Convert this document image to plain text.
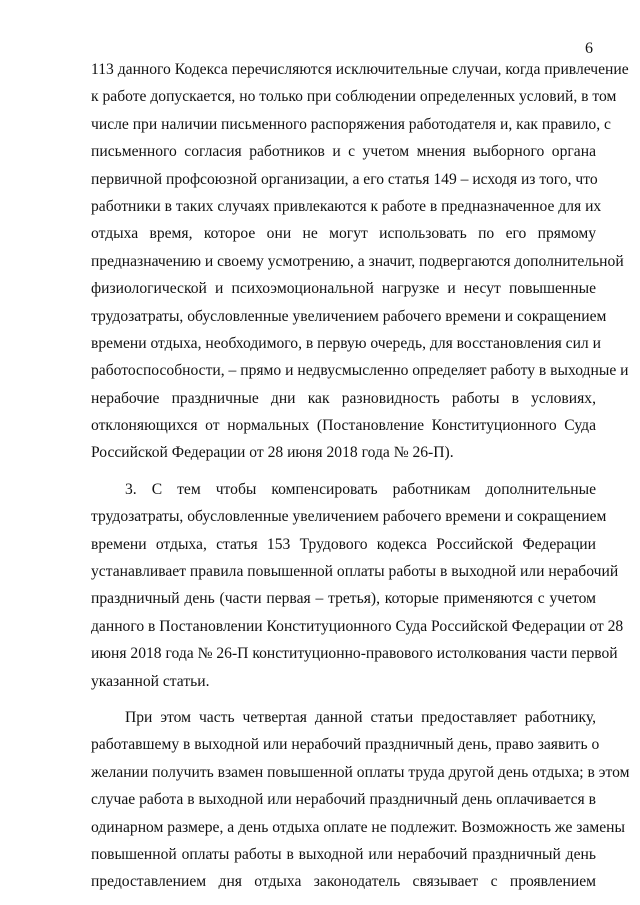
6
113 данного Кодекса перечисляются исключительные случаи, когда привлечение
к работе допускается, но только при соблюдении определенных условий, в том
числе при наличии письменного распоряжения работодателя и, как правило, с
письменного согласия работников и с учетом мнения выборного органа
первичной профсоюзной организации, а его статья 149 – исходя из того, что
работники в таких случаях привлекаются к работе в предназначенное для их
отдыха время, которое они не могут использовать по его прямому
предназначению и своему усмотрению, а значит, подвергаются дополнительной
физиологической и психоэмоциональной нагрузке и несут повышенные
трудозатраты, обусловленные увеличением рабочего времени и сокращением
времени отдыха, необходимого, в первую очередь, для восстановления сил и
работоспособности, – прямо и недвусмысленно определяет работу в выходные и
нерабочие праздничные дни как разновидность работы в условиях,
отклоняющихся от нормальных (Постановление Конституционного Суда
Российской Федерации от 28 июня 2018 года № 26-П).
3. С тем чтобы компенсировать работникам дополнительные
трудозатраты, обусловленные увеличением рабочего времени и сокращением
времени отдыха, статья 153 Трудового кодекса Российской Федерации
устанавливает правила повышенной оплаты работы в выходной или нерабочий
праздничный день (части первая – третья), которые применяются с учетом
данного в Постановлении Конституционного Суда Российской Федерации от 28
июня 2018 года № 26-П конституционно-правового истолкования части первой
указанной статьи.
При этом часть четвертая данной статьи предоставляет работнику,
работавшему в выходной или нерабочий праздничный день, право заявить о
желании получить взамен повышенной оплаты труда другой день отдыха; в этом
случае работа в выходной или нерабочий праздничный день оплачивается в
одинарном размере, а день отдыха оплате не подлежит. Возможность же замены
повышенной оплаты работы в выходной или нерабочий праздничный день
предоставлением дня отдыха законодатель связывает с проявлением
